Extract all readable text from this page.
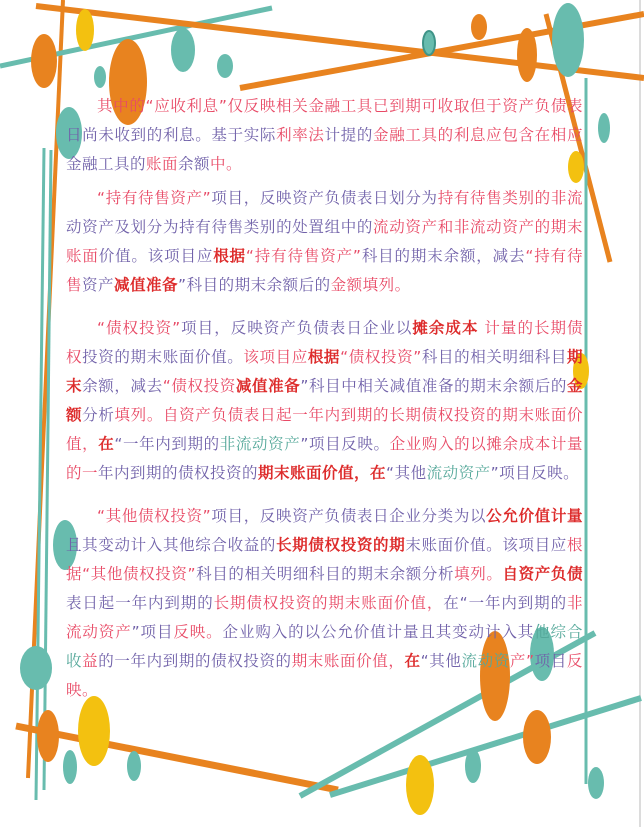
其中的“应收利息”仅反映相关金融工具已到期可收取但于资产负债表日尚未收到的利息。基于实际利率法计提的金融工具的利息应包含在相应金融工具的账面余额中。

“持有待售资产”项目，反映资产负债表日划分为持有待售类别的非流动资产及划分为持有待售类别的处置组中的流动资产和非流动资产的期末账面价值。该项目应根据“持有待售资产”科目的期末余额，减去“持有待售资产减值准备”科目的期末余额后的金额填列。

“债权投资”项目，反映资产负债表日企业以摊余成本 计量的长期债权投资的期末账面价值。该项目应根据“债权投资”科目的相关明细科目期末余额，减去“债权投资减值准备”科目中相关减值准备的期末余额后的金额分析填列。自资产负债表日起一年内到期的长期债权投资的期末账面价值，在“一年内到期的非流动资产”项目反映。企业购入的以摊余成本计量的一年内到期的债权投资的期末账面价值，在“其他流动资产”项目反映。

“其他债权投资”项目，反映资产负债表日企业分类为以公允价值计量且其变动计入其他综合收益的长期债权投资的期末账面价值。该项目应根据“其他债权投资”科目的相关明细科目的期末余额分析填列。自资产负债表日起一年内到期的长期债权投资的期末账面价值，在“一年内到期的非流动资产”项目反映。企业购入的以公允价值计量且其变动计入其他综合收益的一年内到期的债权投资的期末账面价值，在“其他流动资产”项目反映。
